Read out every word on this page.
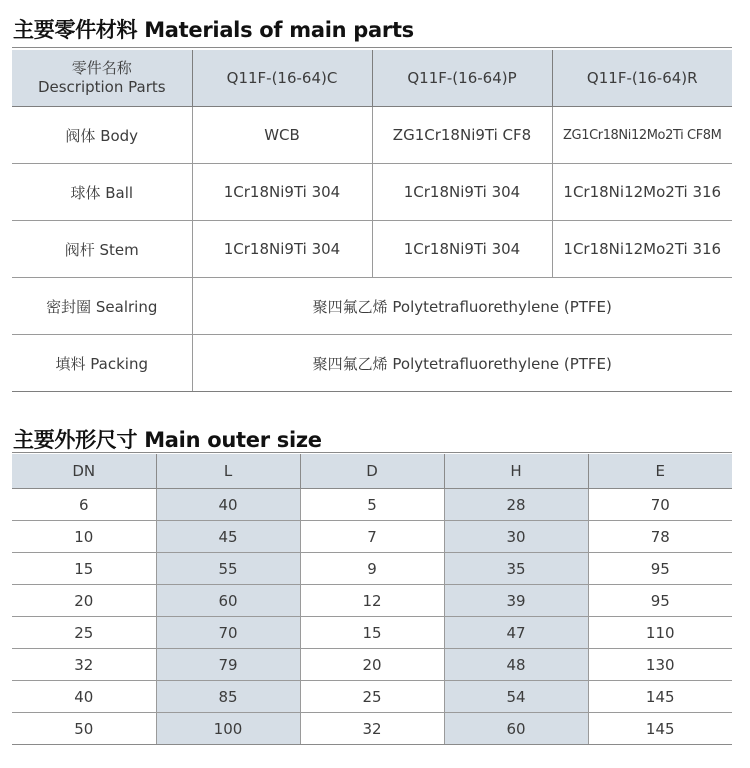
主要零件材料 Materials of main parts
零件名称
Description Parts	Q11F-(16-64)C	Q11F-(16-64)P	Q11F-(16-64)R
阀体 Body	WCB	ZG1Cr18Ni9Ti CF8	ZG1Cr18Ni12Mo2Ti CF8M
球体 Ball	1Cr18Ni9Ti 304	1Cr18Ni9Ti 304	1Cr18Ni12Mo2Ti 316
阀杆 Stem	1Cr18Ni9Ti 304	1Cr18Ni9Ti 304	1Cr18Ni12Mo2Ti 316
密封圈 Sealring	聚四氟乙烯 Polytetrafluorethylene (PTFE)		
填料 Packing	聚四氟乙烯 Polytetrafluorethylene (PTFE)		
主要外形尺寸 Main outer size
DN	L	D	H	E
6	40	5	28	70
10	45	7	30	78
15	55	9	35	95
20	60	12	39	95
25	70	15	47	110
32	79	20	48	130
40	85	25	54	145
50	100	32	60	145
